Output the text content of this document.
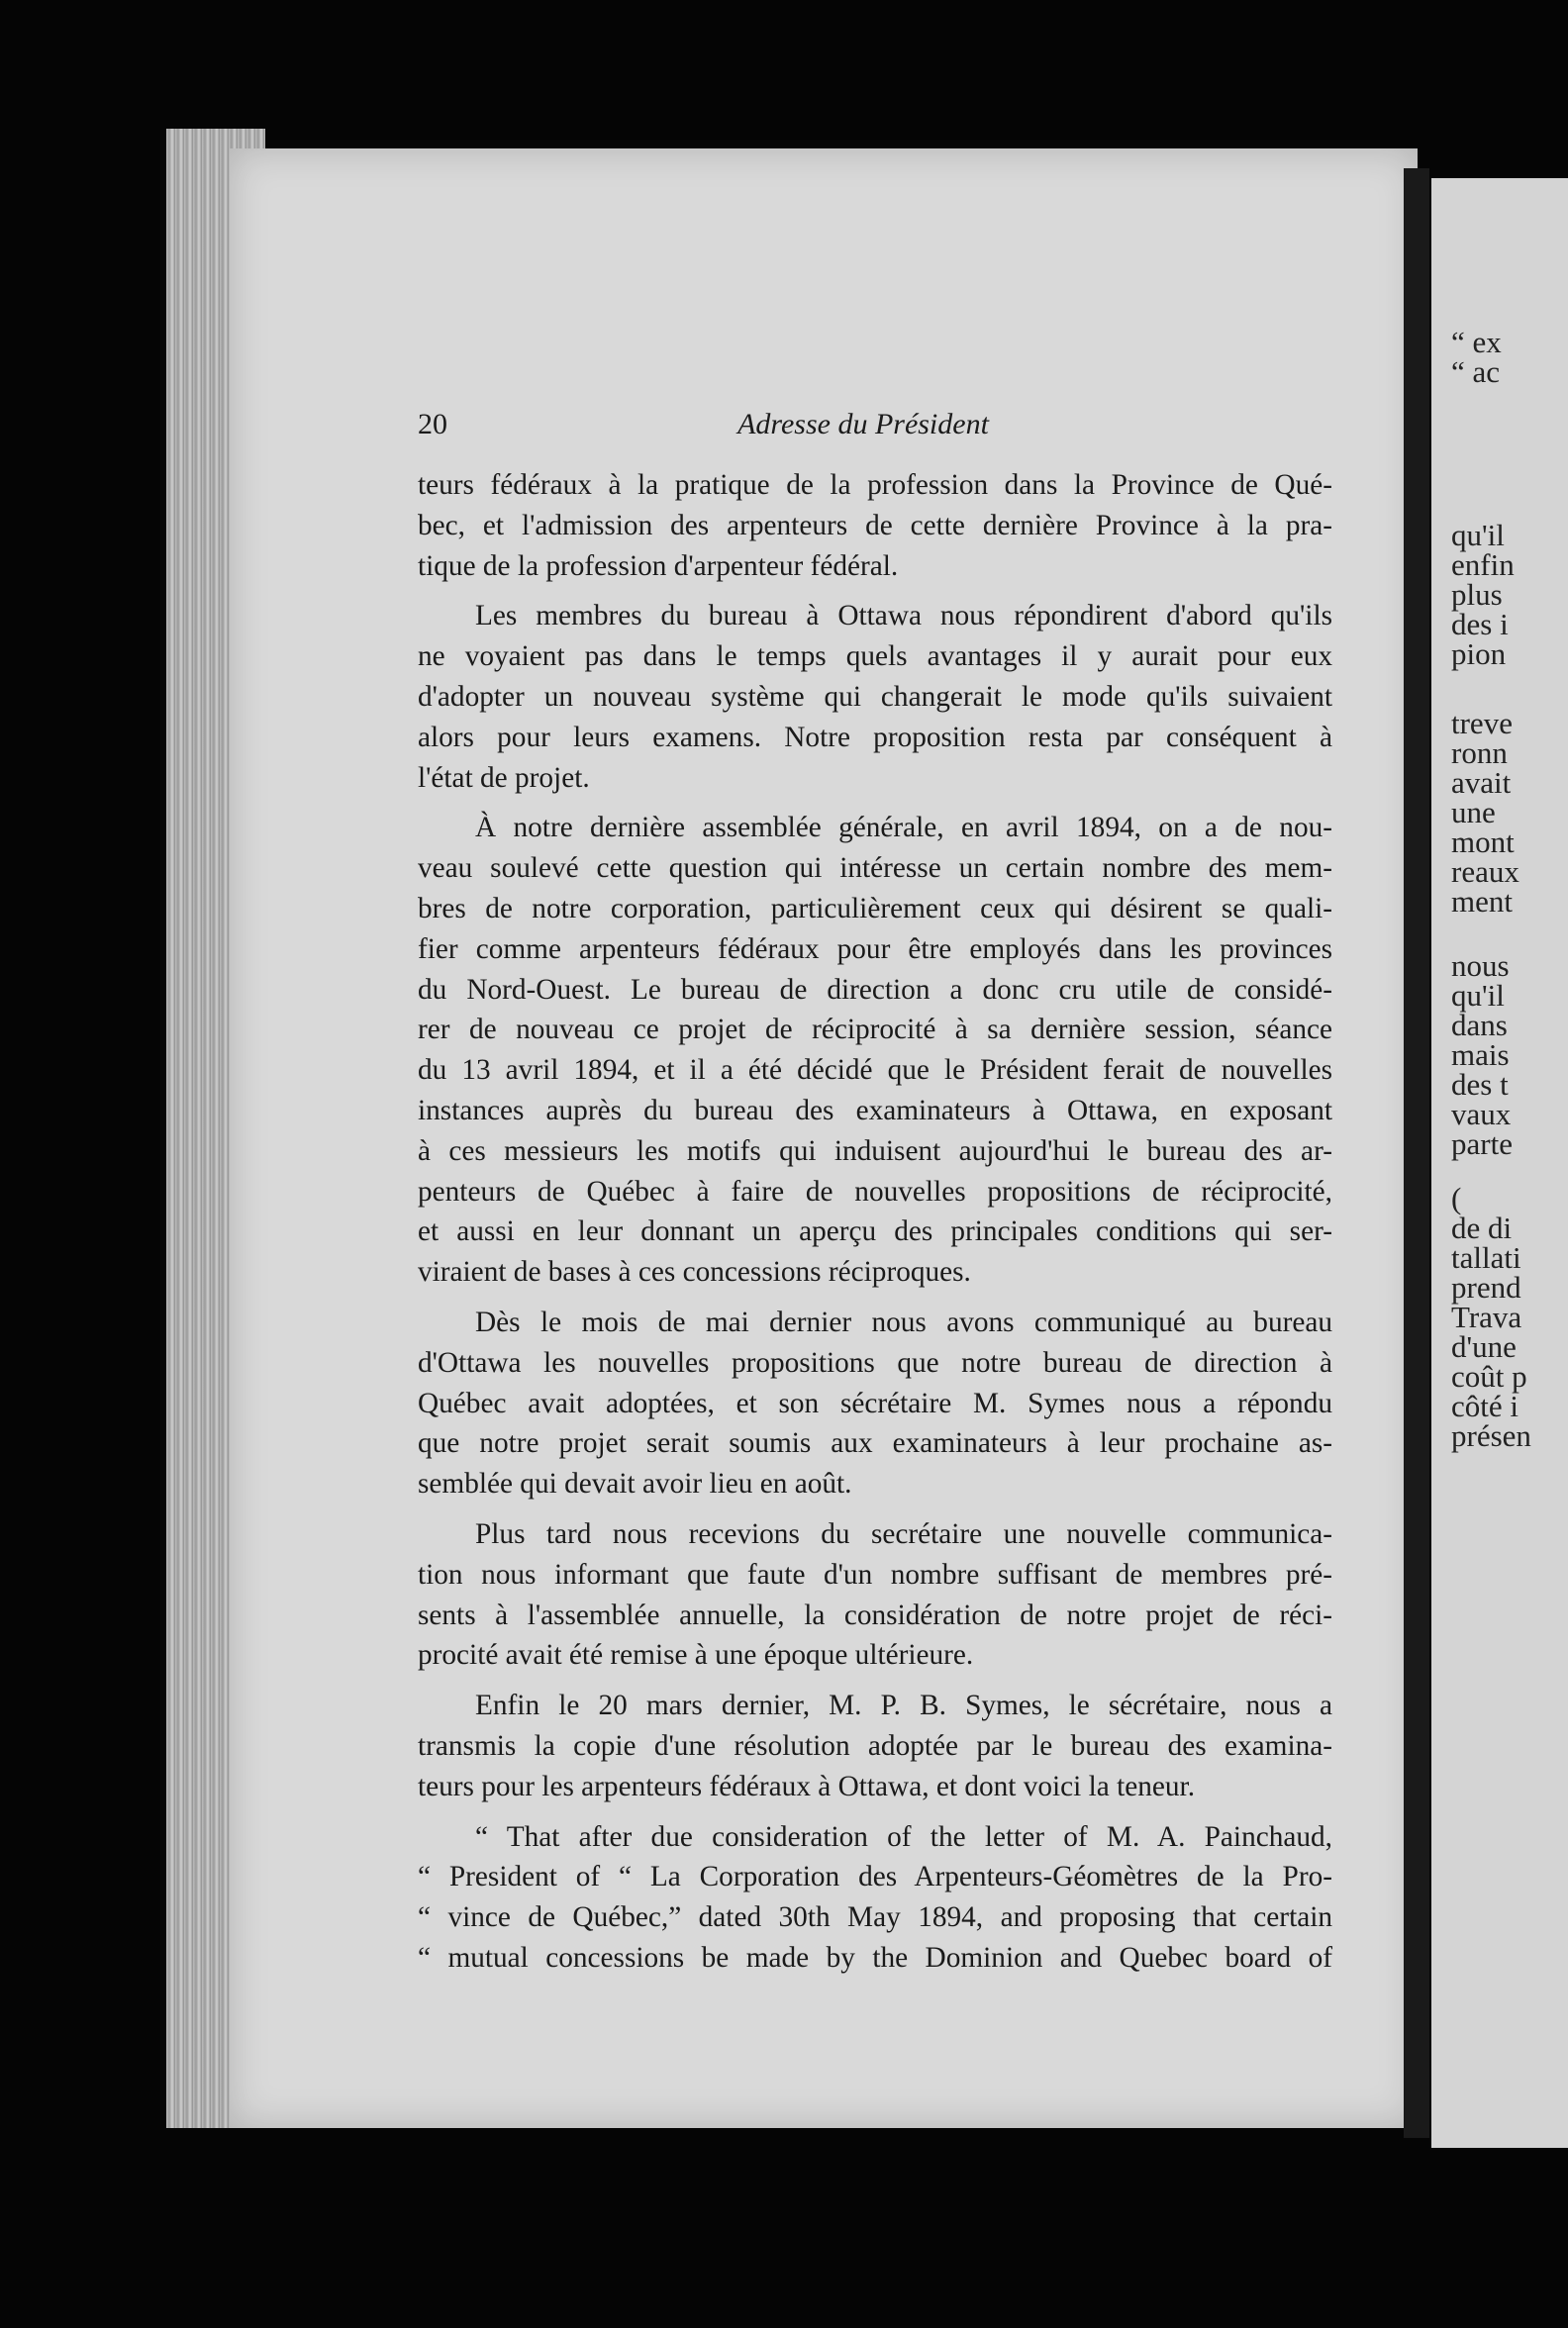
20	Adresse du Président
teurs fédéraux à la pratique de la profession dans la Province de Qué-
bec, et l'admission des arpenteurs de cette dernière Province à la pra-
tique de la profession d'arpenteur fédéral.
Les membres du bureau à Ottawa nous répondirent d'abord qu'ils
ne voyaient pas dans le temps quels avantages il y aurait pour eux
d'adopter un nouveau système qui changerait le mode qu'ils suivaient
alors pour leurs examens. Notre proposition resta par conséquent à
l'état de projet.
À notre dernière assemblée générale, en avril 1894, on a de nou-
veau soulevé cette question qui intéresse un certain nombre des mem-
bres de notre corporation, particulièrement ceux qui désirent se quali-
fier comme arpenteurs fédéraux pour être employés dans les provinces
du Nord-Ouest. Le bureau de direction a donc cru utile de considé-
rer de nouveau ce projet de réciprocité à sa dernière session, séance
du 13 avril 1894, et il a été décidé que le Président ferait de nouvelles
instances auprès du bureau des examinateurs à Ottawa, en exposant
à ces messieurs les motifs qui induisent aujourd'hui le bureau des ar-
penteurs de Québec à faire de nouvelles propositions de réciprocité,
et aussi en leur donnant un aperçu des principales conditions qui ser-
viraient de bases à ces concessions réciproques.
Dès le mois de mai dernier nous avons communiqué au bureau
d'Ottawa les nouvelles propositions que notre bureau de direction à
Québec avait adoptées, et son sécrétaire M. Symes nous a répondu
que notre projet serait soumis aux examinateurs à leur prochaine as-
semblée qui devait avoir lieu en août.
Plus tard nous recevions du secrétaire une nouvelle communica-
tion nous informant que faute d'un nombre suffisant de membres pré-
sents à l'assemblée annuelle, la considération de notre projet de réci-
procité avait été remise à une époque ultérieure.
Enfin le 20 mars dernier, M. P. B. Symes, le sécrétaire, nous a
transmis la copie d'une résolution adoptée par le bureau des examina-
teurs pour les arpenteurs fédéraux à Ottawa, et dont voici la teneur.
“ That after due consideration of the letter of M. A. Painchaud,
“ President of “ La Corporation des Arpenteurs-Géomètres de la Pro-
“ vince de Québec,” dated 30th May 1894, and proposing that certain
“ mutual concessions be made by the Dominion and Quebec board of
“ ex
“ ac
qu'il
enfin
plus
des i
pion
treve
ronn
avait
une
mont
reaux
ment
nous
qu'il
dans
mais
des t
vaux
parte
(
de di
tallati
prend
Trava
d'une
coût p
côté i
présen
